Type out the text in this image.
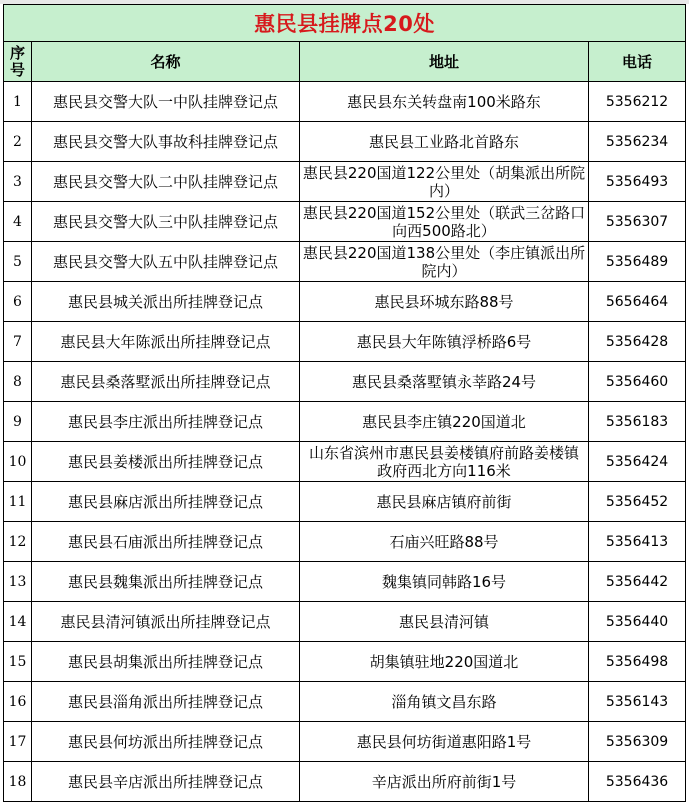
惠民县挂牌点20处			
序号	名称	地址	电话
1	惠民县交警大队一中队挂牌登记点	惠民县东关转盘南100米路东	5356212
2	惠民县交警大队事故科挂牌登记点	惠民县工业路北首路东	5356234
3	惠民县交警大队二中队挂牌登记点	惠民县220国道122公里处（胡集派出所院内）	5356493
4	惠民县交警大队三中队挂牌登记点	惠民县220国道152公里处（联武三岔路口向西500路北）	5356307
5	惠民县交警大队五中队挂牌登记点	惠民县220国道138公里处（李庄镇派出所院内）	5356489
6	惠民县城关派出所挂牌登记点	惠民县环城东路88号	5656464
7	惠民县大年陈派出所挂牌登记点	惠民县大年陈镇浮桥路6号	5356428
8	惠民县桑落墅派出所挂牌登记点	惠民县桑落墅镇永莘路24号	5356460
9	惠民县李庄派出所挂牌登记点	惠民县李庄镇220国道北	5356183
10	惠民县姜楼派出所挂牌登记点	山东省滨州市惠民县姜楼镇府前路姜楼镇政府西北方向116米	5356424
11	惠民县麻店派出所挂牌登记点	惠民县麻店镇府前街	5356452
12	惠民县石庙派出所挂牌登记点	石庙兴旺路88号	5356413
13	惠民县魏集派出所挂牌登记点	魏集镇同韩路16号	5356442
14	惠民县清河镇派出所挂牌登记点	惠民县清河镇	5356440
15	惠民县胡集派出所挂牌登记点	胡集镇驻地220国道北	5356498
16	惠民县淄角派出所挂牌登记点	淄角镇文昌东路	5356143
17	惠民县何坊派出所挂牌登记点	惠民县何坊街道惠阳路1号	5356309
18	惠民县辛店派出所挂牌登记点	辛店派出所府前街1号	5356436
